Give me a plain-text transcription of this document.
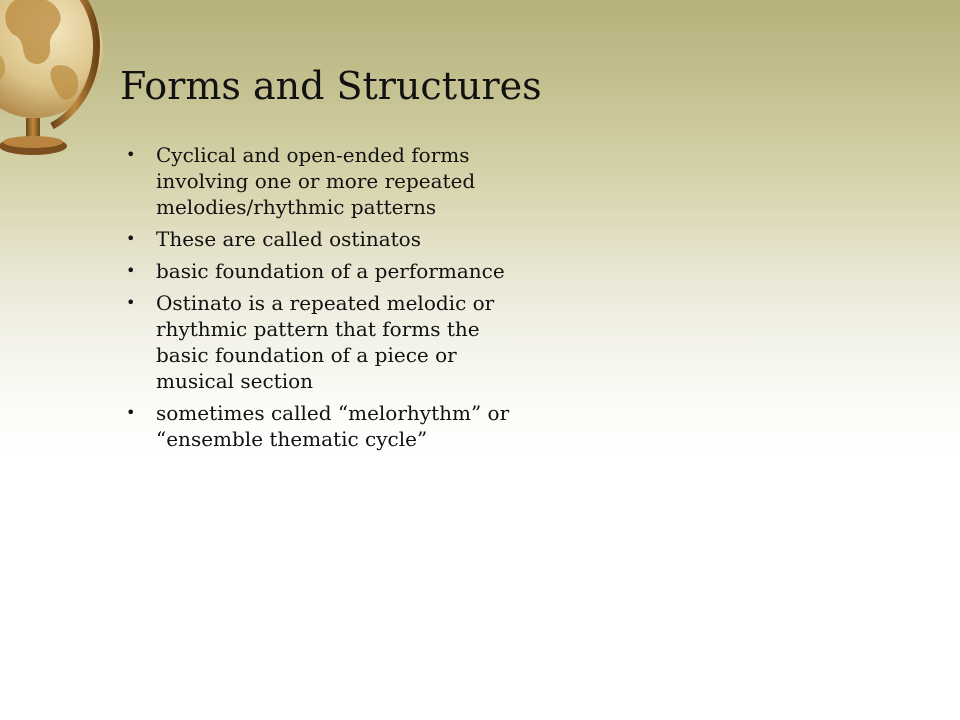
Forms and Structures
• Cyclical and open-ended forms involving one or more repeated melodies/rhythmic patterns
• These are called ostinatos
• basic foundation of a performance
• Ostinato is a repeated melodic or rhythmic pattern that forms the basic foundation of a piece or musical section
• sometimes called “melorhythm” or “ensemble thematic cycle”
